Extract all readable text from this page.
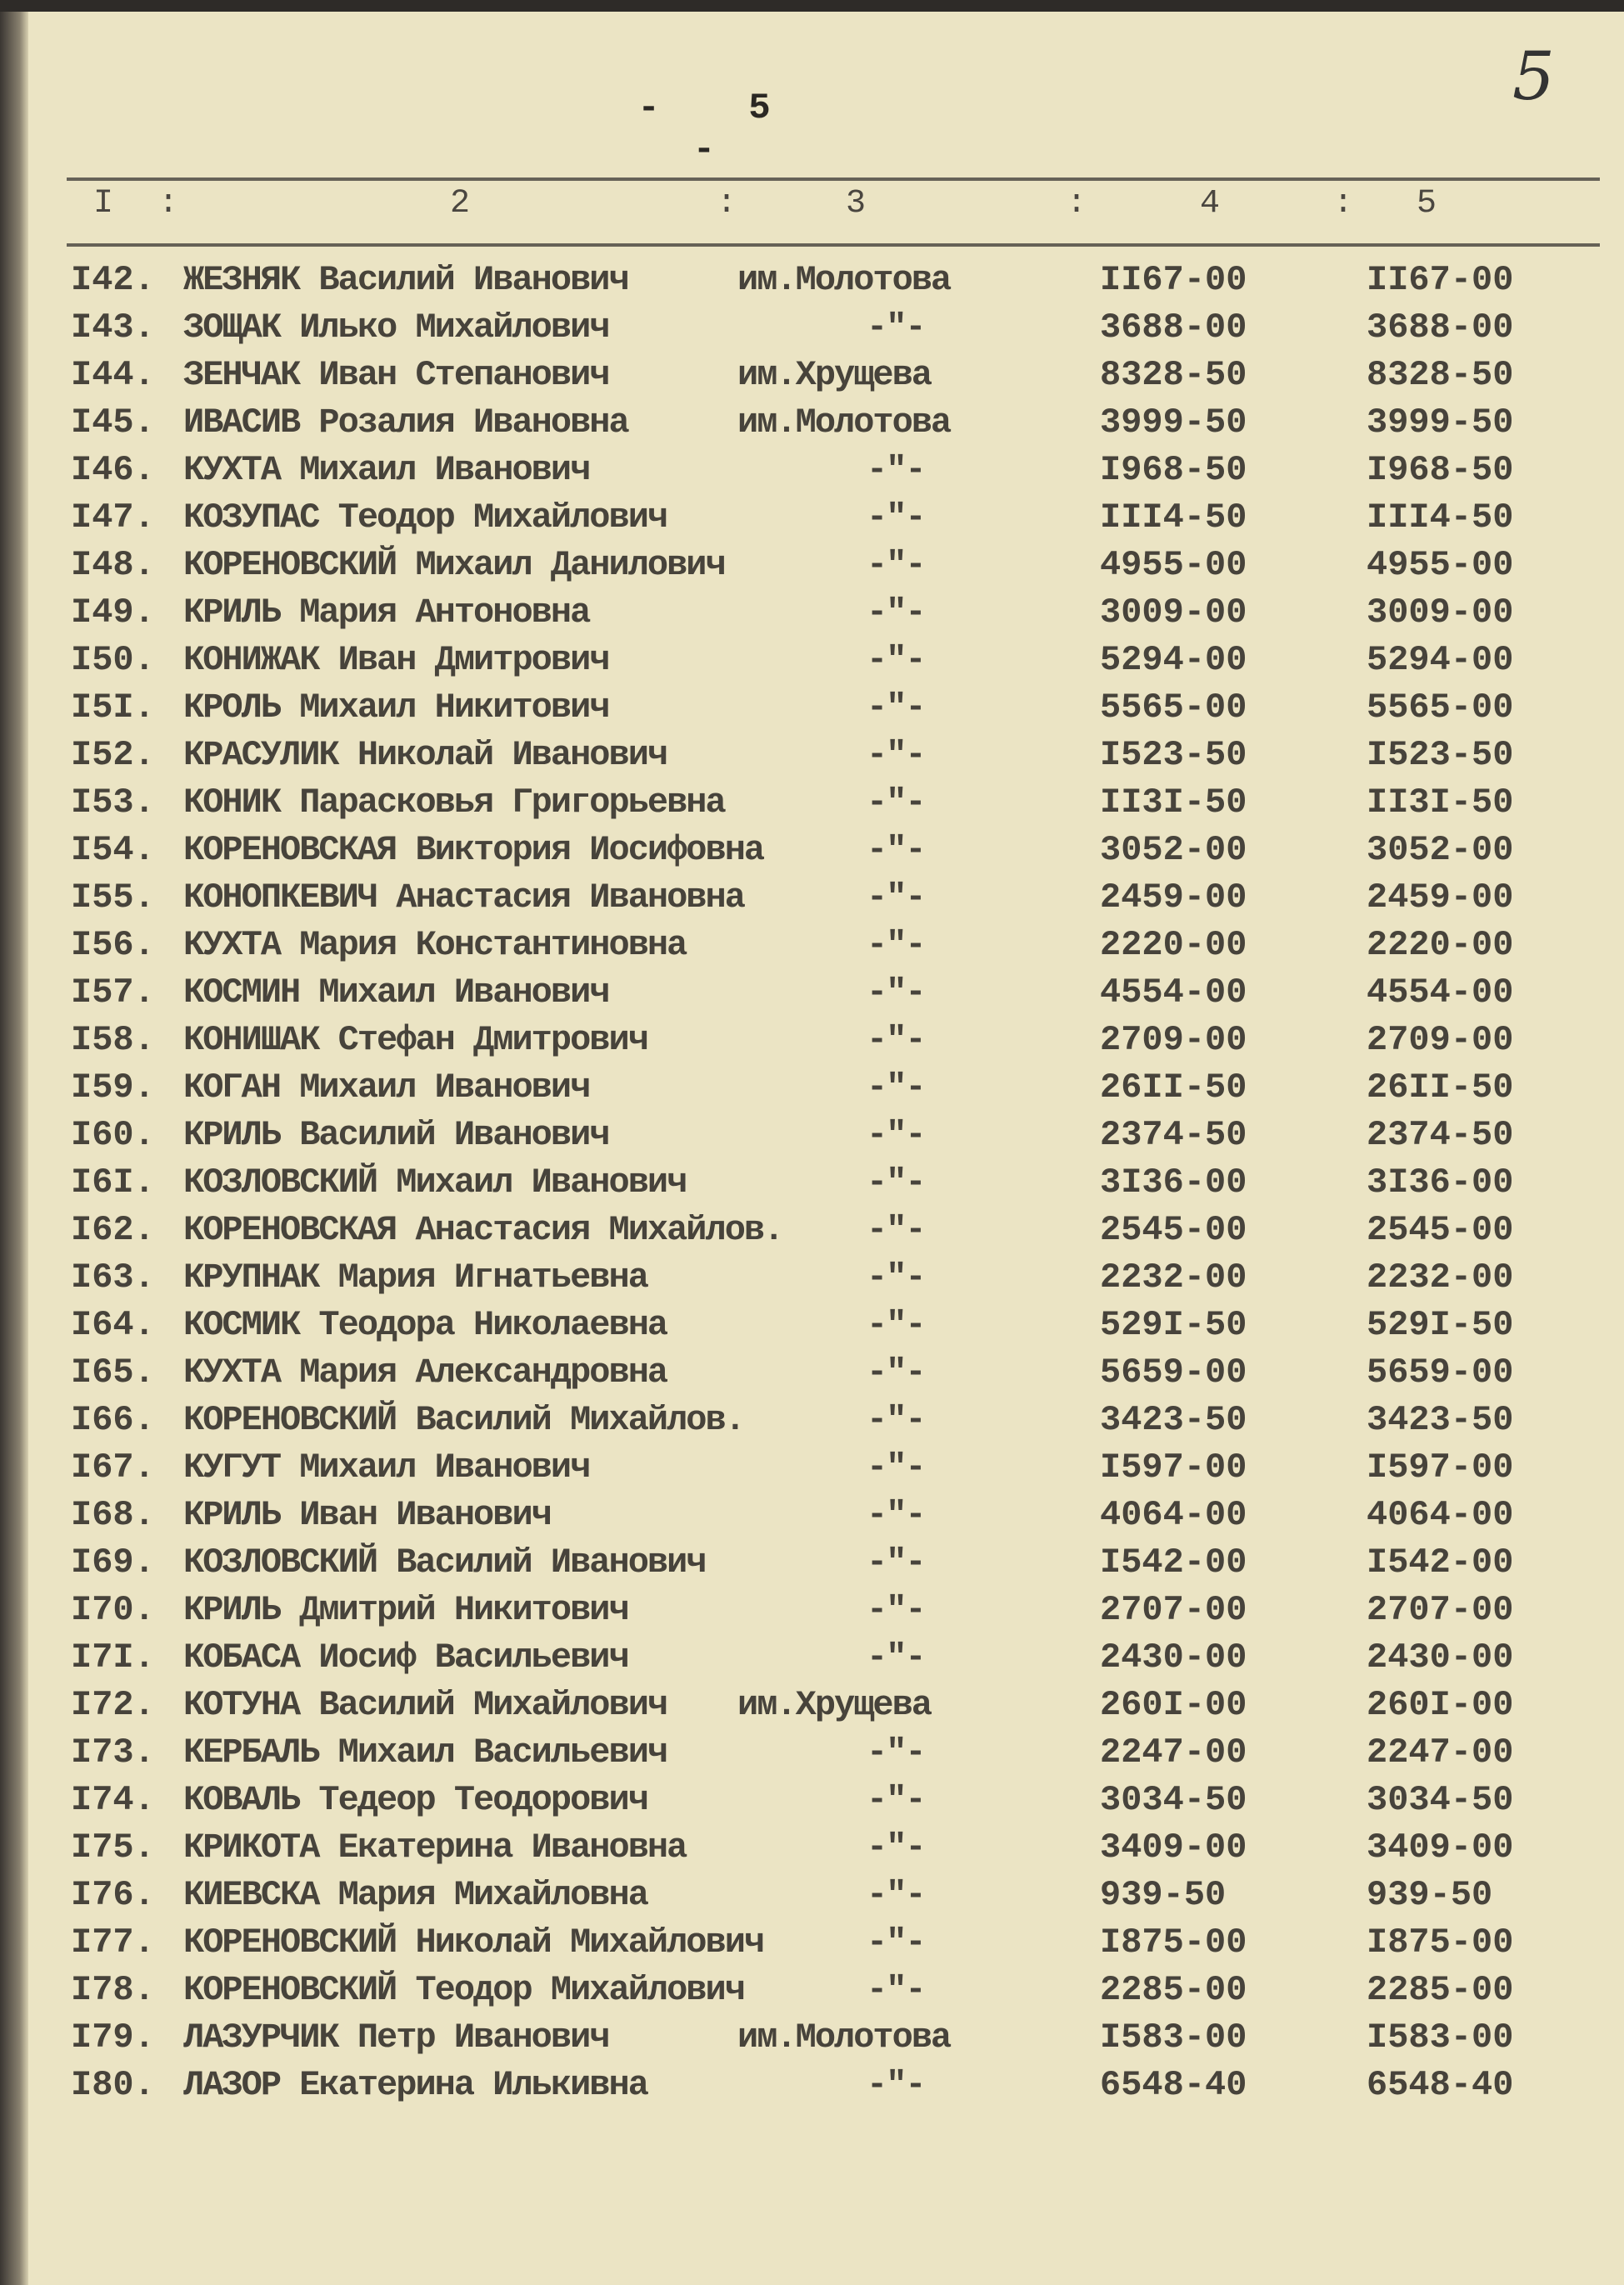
- 5 -
5
I :	2	:	3	:	4	: 5
I42. ЖЕЗНЯК Василий Иванович	им.Молотова	II67-00	II67-00
I43. ЗОЩАК Илько Михайлович	-"-	3688-00	3688-00
I44. ЗЕНЧАК Иван Степанович	им.Хрущева	8328-50	8328-50
I45. ИВАСИВ Розалия Ивановна	им.Молотова	3999-50	3999-50
I46. КУХТА Михаил Иванович	-"-	I968-50	I968-50
I47. КОЗУПАС Теодор Михайлович	-"-	III4-50	III4-50
I48. КОРЕНОВСКИЙ Михаил Данилович	-"-	4955-00	4955-00
I49. КРИЛЬ Мария Антоновна	-"-	3009-00	3009-00
I50. КОНИЖАК Иван Дмитрович	-"-	5294-00	5294-00
I5I. КРОЛЬ Михаил Никитович	-"-	5565-00	5565-00
I52. КРАСУЛИК Николай Иванович	-"-	I523-50	I523-50
I53. КОНИК Парасковья Григорьевна	-"-	II3I-50	II3I-50
I54. КОРЕНОВСКАЯ Виктория Иосифовна	-"-	3052-00	3052-00
I55. КОНОПКЕВИЧ Анастасия Ивановна	-"-	2459-00	2459-00
I56. КУХТА Мария Константиновна	-"-	2220-00	2220-00
I57. КОСМИН Михаил Иванович	-"-	4554-00	4554-00
I58. КОНИШАК Стефан Дмитрович	-"-	2709-00	2709-00
I59. КОГАН Михаил Иванович	-"-	26II-50	26II-50
I60. КРИЛЬ Василий Иванович	-"-	2374-50	2374-50
I6I. КОЗЛОВСКИЙ Михаил Иванович	-"-	3I36-00	3I36-00
I62. КОРЕНОВСКАЯ Анастасия Михайлов. -"-	2545-00	2545-00
I63. КРУПНАК Мария Игнатьевна	-"-	2232-00	2232-00
I64. КОСМИК Теодора Николаевна	-"-	529I-50	529I-50
I65. КУХТА Мария Александровна	-"-	5659-00	5659-00
I66. КОРЕНОВСКИЙ Василий Михайлов.	-"-	3423-50	3423-50
I67. КУГУТ Михаил Иванович	-"-	I597-00	I597-00
I68. КРИЛЬ Иван Иванович	-"-	4064-00	4064-00
I69. КОЗЛОВСКИЙ Василий Иванович	-"-	I542-00	I542-00
I70. КРИЛЬ Дмитрий Никитович	-"-	2707-00	2707-00
I7I. КОБАСА Иосиф Васильевич	-"-	2430-00	2430-00
I72. КОТУНА Василий Михайлович им.Хрущева	260I-00	260I-00
I73. КЕРБАЛЬ Михаил Васильевич	-"-	2247-00	2247-00
I74. КОВАЛЬ Тедеор Теодорович	-"-	3034-50	3034-50
I75. КРИКОТА Екатерина Ивановна	-"-	3409-00	3409-00
I76. КИЕВСКА Мария Михайловна	-"-	939-50	939-50
I77. КОРЕНОВСКИЙ Николай Михайлович	-"-	I875-00	I875-00
I78. КОРЕНОВСКИЙ Теодор Михайлович	-"-	2285-00	2285-00
I79. ЛАЗУРЧИК Петр Иванович	им.Молотова	I583-00	I583-00
I80. ЛАЗОР Екатерина Илькивна	-"-	6548-40	6548-40
